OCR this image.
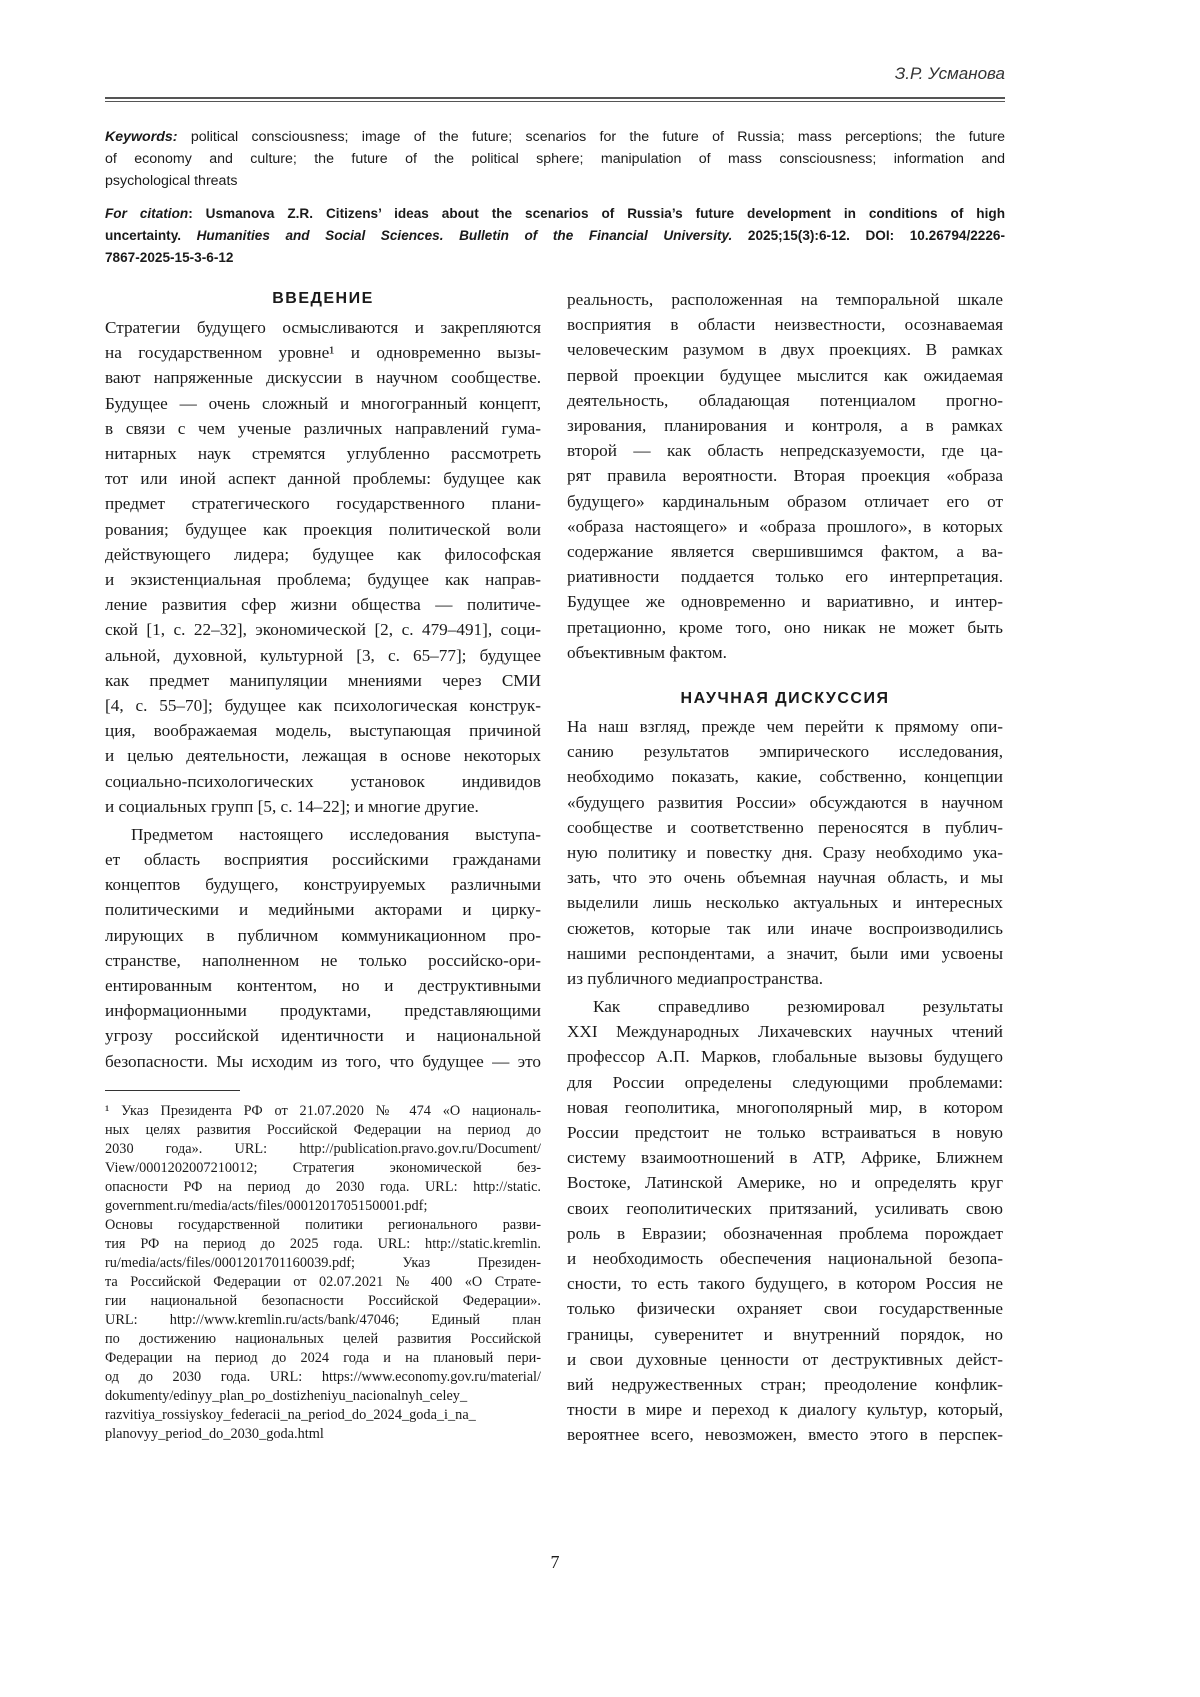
З.Р. Усманова
Keywords: political consciousness; image of the future; scenarios for the future of Russia; mass perceptions; the future
of economy and culture; the future of the political sphere; manipulation of mass consciousness; information and
psychological threats
For citation: Usmanova Z.R. Citizens’ ideas about the scenarios of Russia’s future development in conditions of high
uncertainty. Humanities and Social Sciences. Bulletin of the Financial University. 2025;15(3):6-12. DOI: 10.26794/2226-
7867-2025-15-3-6-12
ВВЕДЕНИЕ
Стратегии будущего осмысливаются и закрепляются
на государственном уровне¹ и одновременно вызы-
вают напряженные дискуссии в научном сообществе.
Будущее — очень сложный и многогранный концепт,
в связи с чем ученые различных направлений гума-
нитарных наук стремятся углубленно рассмотреть
тот или иной аспект данной проблемы: будущее как
предмет стратегического государственного плани-
рования; будущее как проекция политической воли
действующего лидера; будущее как философская
и экзистенциальная проблема; будущее как направ-
ление развития сфер жизни общества — политиче-
ской [1, с. 22–32], экономической [2, с. 479–491], соци-
альной, духовной, культурной [3, с. 65–77]; будущее
как предмет манипуляции мнениями через СМИ
[4, с. 55–70]; будущее как психологическая конструк-
ция, воображаемая модель, выступающая причиной
и целью деятельности, лежащая в основе некоторых
социально-психологических установок индивидов
и социальных групп [5, с. 14–22]; и многие другие.
Предметом настоящего исследования выступа-
ет область восприятия российскими гражданами
концептов будущего, конструируемых различными
политическими и медийными акторами и цирку-
лирующих в публичном коммуникационном про-
странстве, наполненном не только российско-ори-
ентированным контентом, но и деструктивными
информационными продуктами, представляющими
угрозу российской идентичности и национальной
безопасности. Мы исходим из того, что будущее — это
¹ Указ Президента РФ от 21.07.2020 № 474 «О националь-
ных целях развития Российской Федерации на период до
2030 года». URL: http://publication.pravo.gov.ru/Document/
View/0001202007210012; Стратегия экономической без-
опасности РФ на период до 2030 года. URL: http://static.
government.ru/media/acts/files/0001201705150001.pdf;
Основы государственной политики регионального разви-
тия РФ на период до 2025 года. URL: http://static.kremlin.
ru/media/acts/files/0001201701160039.pdf; Указ Президен-
та Российской Федерации от 02.07.2021 № 400 «О Страте-
гии национальной безопасности Российской Федерации».
URL: http://www.kremlin.ru/acts/bank/47046; Единый план
по достижению национальных целей развития Российской
Федерации на период до 2024 года и на плановый пери-
од до 2030 года. URL: https://www.economy.gov.ru/material/
dokumenty/edinyy_plan_po_dostizheniyu_nacionalnyh_celey_
razvitiya_rossiyskoy_federacii_na_period_do_2024_goda_i_na_
planovyy_period_do_2030_goda.html
реальность, расположенная на темпоральной шкале
восприятия в области неизвестности, осознаваемая
человеческим разумом в двух проекциях. В рамках
первой проекции будущее мыслится как ожидаемая
деятельность, обладающая потенциалом прогно-
зирования, планирования и контроля, а в рамках
второй — как область непредсказуемости, где ца-
рят правила вероятности. Вторая проекция «образа
будущего» кардинальным образом отличает его от
«образа настоящего» и «образа прошлого», в которых
содержание является свершившимся фактом, а ва-
риативности поддается только его интерпретация.
Будущее же одновременно и вариативно, и интер-
претационно, кроме того, оно никак не может быть
объективным фактом.
НАУЧНАЯ ДИСКУССИЯ
На наш взгляд, прежде чем перейти к прямому опи-
санию результатов эмпирического исследования,
необходимо показать, какие, собственно, концепции
«будущего развития России» обсуждаются в научном
сообществе и соответственно переносятся в публич-
ную политику и повестку дня. Сразу необходимо ука-
зать, что это очень объемная научная область, и мы
выделили лишь несколько актуальных и интересных
сюжетов, которые так или иначе воспроизводились
нашими респондентами, а значит, были ими усвоены
из публичного медиапространства.
Как справедливо резюмировал результаты
XXI Международных Лихачевских научных чтений
профессор А.П. Марков, глобальные вызовы будущего
для России определены следующими проблемами:
новая геополитика, многополярный мир, в котором
России предстоит не только встраиваться в новую
систему взаимоотношений в АТР, Африке, Ближнем
Востоке, Латинской Америке, но и определять круг
своих геополитических притязаний, усиливать свою
роль в Евразии; обозначенная проблема порождает
и необходимость обеспечения национальной безопа-
сности, то есть такого будущего, в котором Россия не
только физически охраняет свои государственные
границы, суверенитет и внутренний порядок, но
и свои духовные ценности от деструктивных дейст-
вий недружественных стран; преодоление конфлик-
тности в мире и переход к диалогу культур, который,
вероятнее всего, невозможен, вместо этого в перспек-
7
